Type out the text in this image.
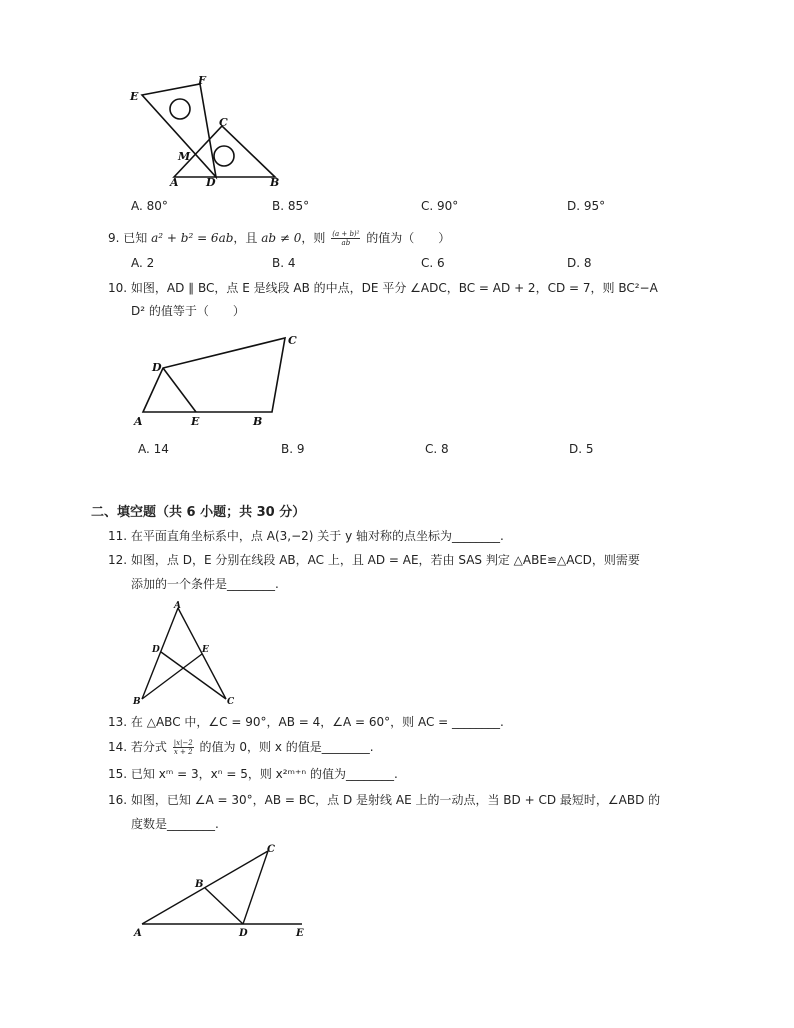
E
F
C
M
A D	B
A. 80°	B. 85°	C. 90°	D. 95°
9. 已知 a² + b² = 6ab，且 ab ≠ 0，则 $\frac{\text{(a + b)²}}{ab}$ 的值为（　　）
A. 2	B. 4	C. 6	D. 8
10. 如图，AD ∥ BC，点 E 是线段 AB 的中点，DE 平分 ∠ADC，BC = AD + 2，CD = 7，则 BC²−A
D² 的值等于（　　）
D
C
A	E	B
A. 14	B. 9	C. 8	D. 5
二、填空题（共 6 小题；共 30 分）
11. 在平面直角坐标系中，点 A(3,−2) 关于 y 轴对称的点坐标为________.
12. 如图，点 D，E 分别在线段 AB，AC 上，且 AD = AE，若由 SAS 判定 △ABE≌△ACD，则需要
添加的一个条件是________.
A
D	E
B	C
13. 在 △ABC 中，∠C = 90°，AB = 4，∠A = 60°，则 AC = ________.
14. 若分式 $\frac{|x|-2}{x + 2}$ 的值为 0，则 x 的值是________.
15. 已知 xᵐ = 3，xⁿ = 5，则 x²ᵐ⁺ⁿ 的值为________.
16. 如图，已知 ∠A = 30°，AB = BC，点 D 是射线 AE 上的一动点，当 BD + CD 最短时，∠ABD 的
度数是________.
C
B
A	D	E
